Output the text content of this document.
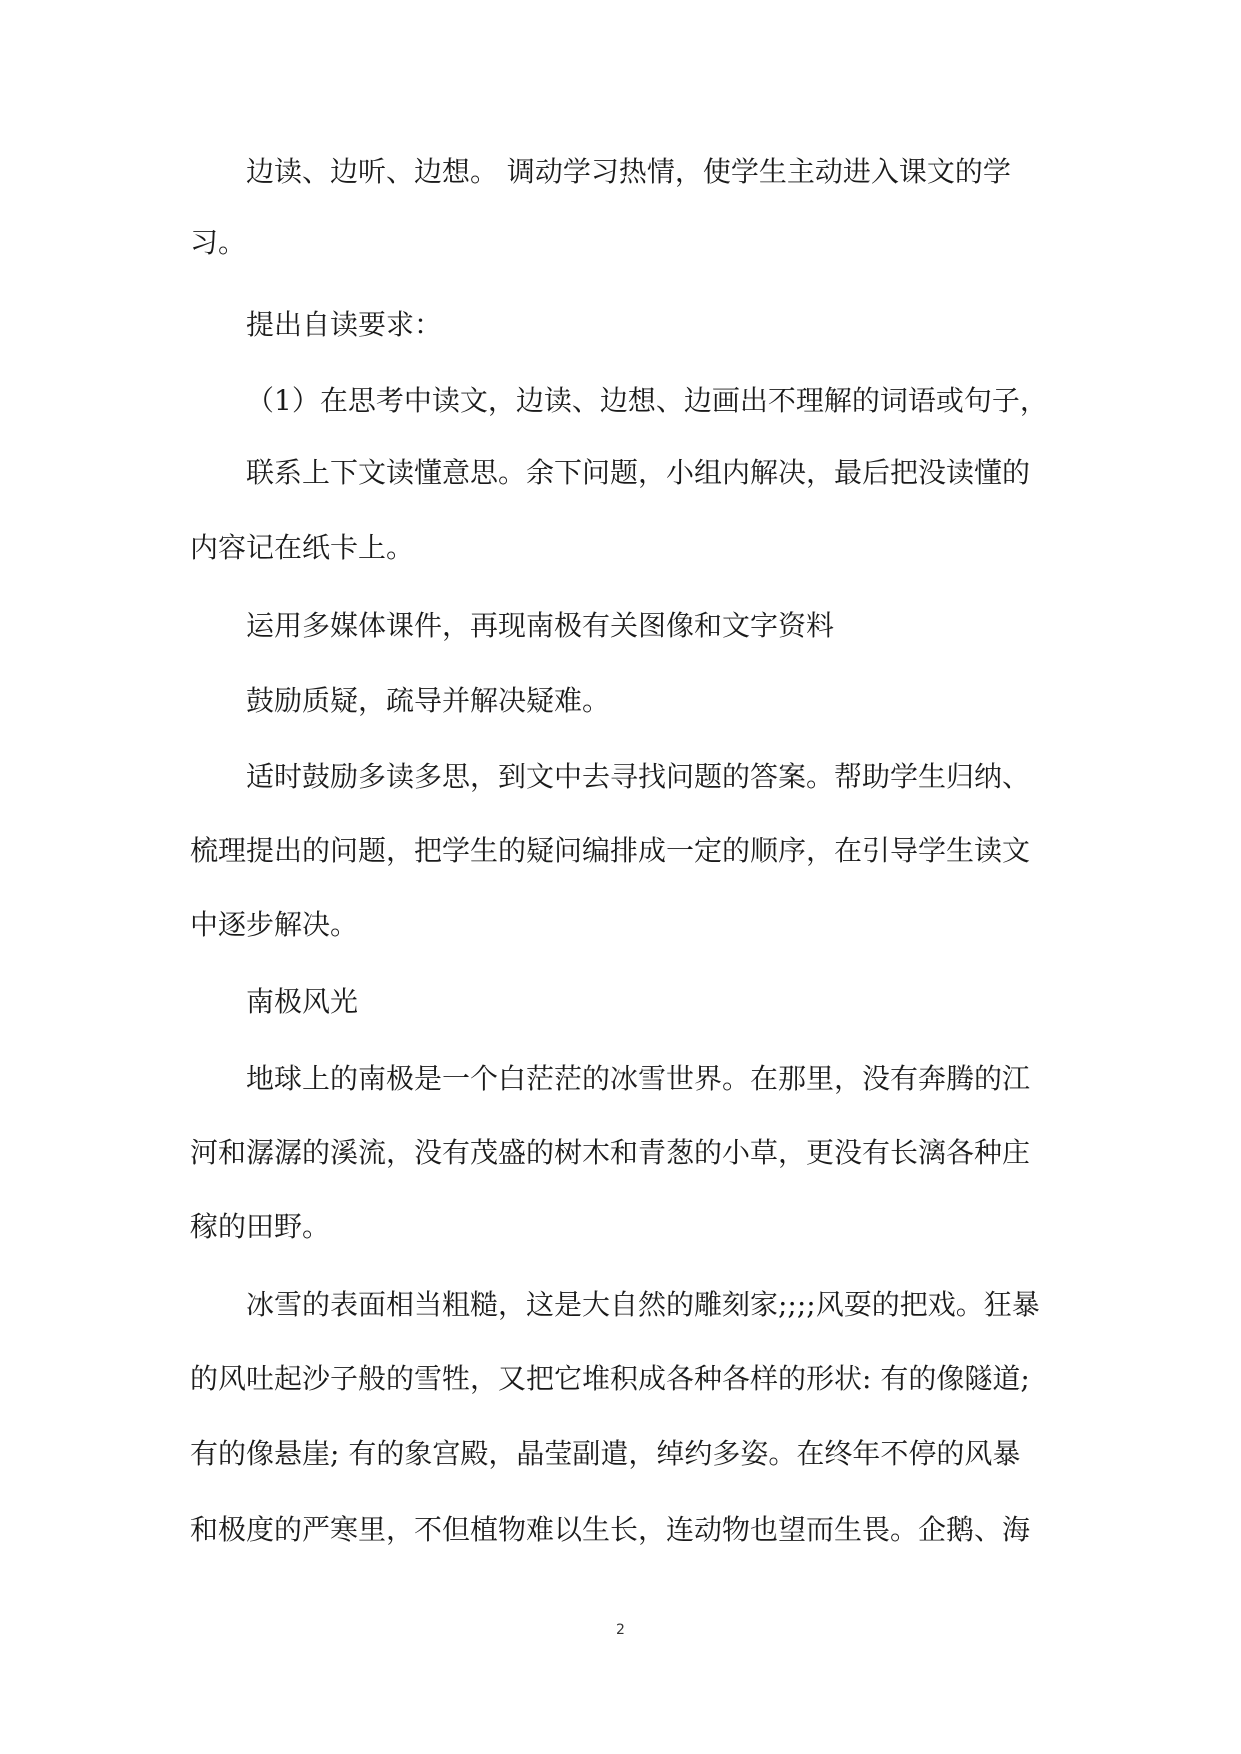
边读、边听、边想。 调动学习热情，使学生主动进入课文的学
习。
提出自读要求：
（1）在思考中读文，边读、边想、边画出不理解的词语或句子，
联系上下文读懂意思。余下问题，小组内解决，最后把没读懂的
内容记在纸卡上。
运用多媒体课件，再现南极有关图像和文字资料
鼓励质疑，疏导并解决疑难。
适时鼓励多读多思，到文中去寻找问题的答案。帮助学生归纳、
梳理提出的问题，把学生的疑问编排成一定的顺序，在引导学生读文
中逐步解决。
南极风光
地球上的南极是一个白茫茫的冰雪世界。在那里，没有奔腾的江
河和潺潺的溪流，没有茂盛的树木和青葱的小草，更没有长漓各种庄
稼的田野。
冰雪的表面相当粗糙，这是大自然的雕刻家;;;;风耍的把戏。狂暴
的风吐起沙子般的雪牲，又把它堆积成各种各样的形状: 有的像隧道;
有的像悬崖; 有的象宫殿，晶莹副遣，绰约多姿。在终年不停的风暴
和极度的严寒里，不但植物难以生长，连动物也望而生畏。企鹅、海
2
